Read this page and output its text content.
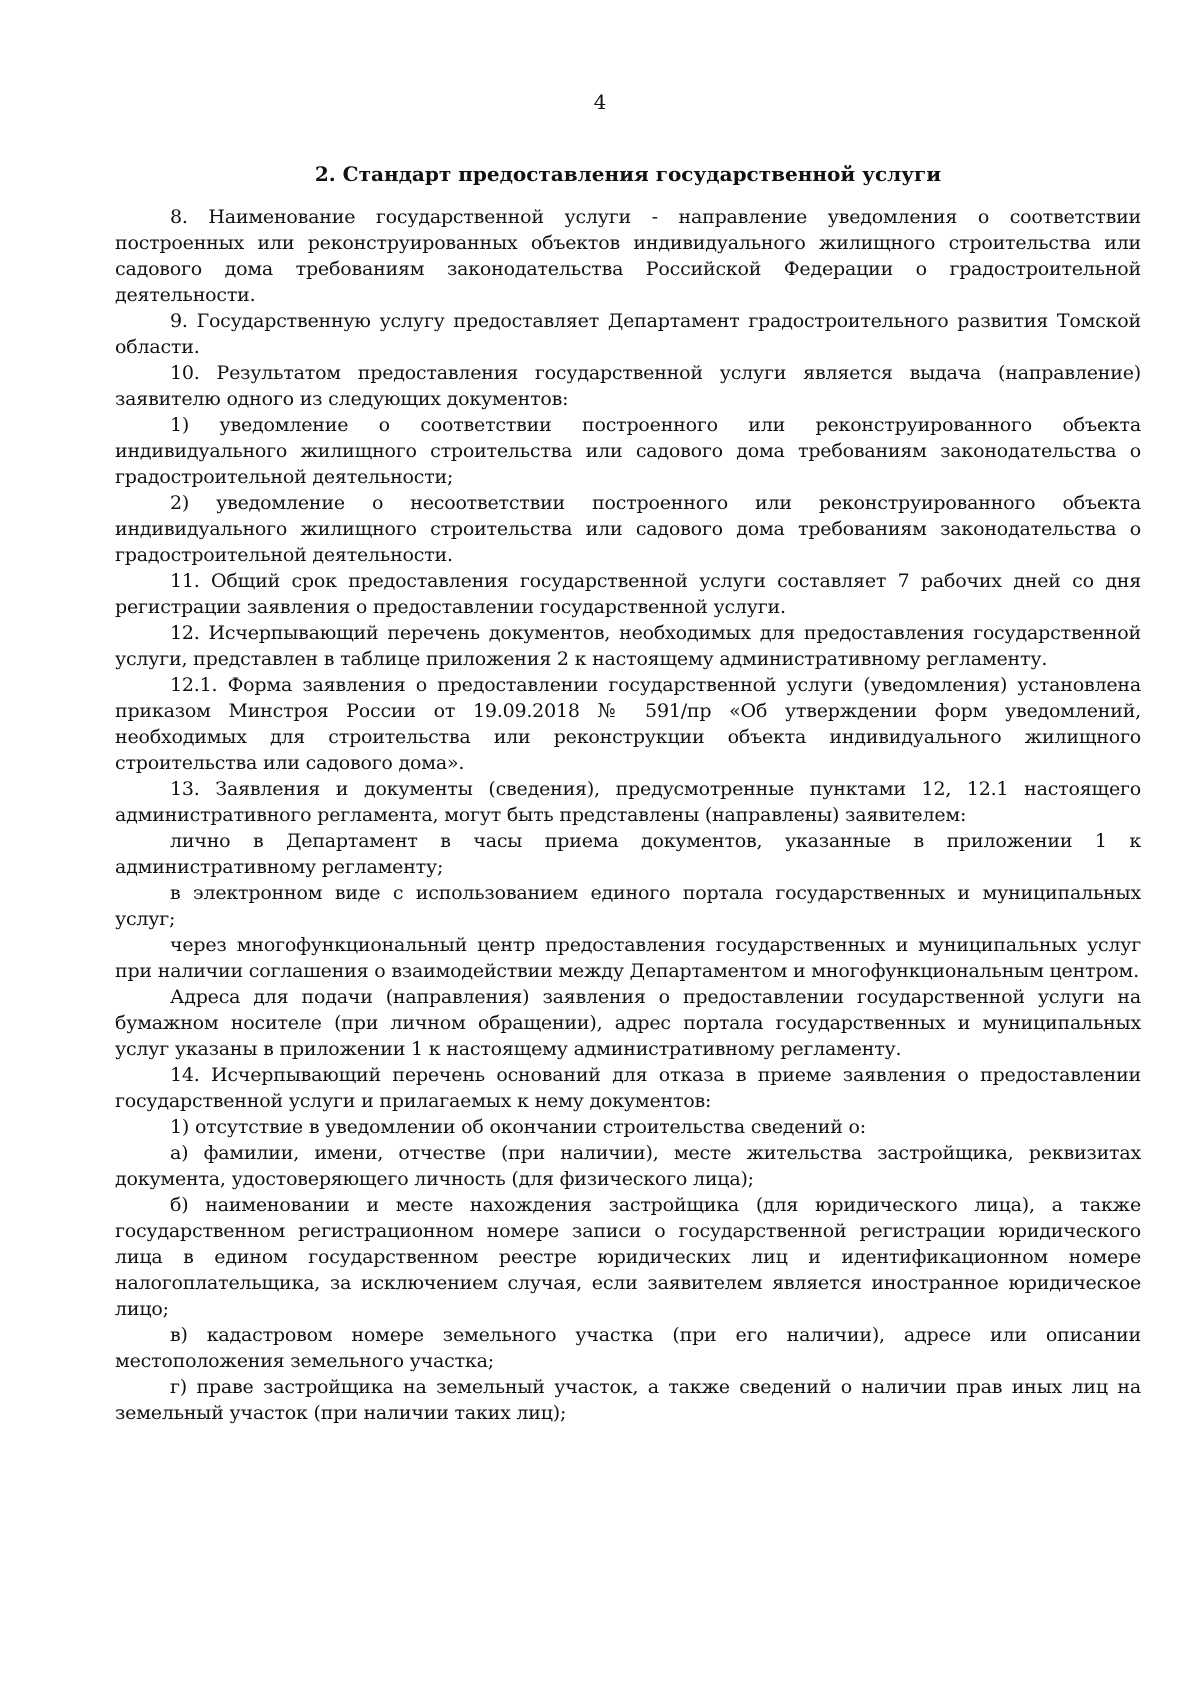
4
2. Стандарт предоставления государственной услуги

8. Наименование государственной услуги - направление уведомления о соответствии построенных или реконструированных объектов индивидуального жилищного строительства или садового дома требованиям законодательства Российской Федерации о градостроительной деятельности.

9. Государственную услугу предоставляет Департамент градостроительного развития Томской области.

10. Результатом предоставления государственной услуги является выдача (направление) заявителю одного из следующих документов:

1) уведомление о соответствии построенного или реконструированного объекта индивидуального жилищного строительства или садового дома требованиям законодательства о градостроительной деятельности;

2) уведомление о несоответствии построенного или реконструированного объекта индивидуального жилищного строительства или садового дома требованиям законодательства о градостроительной деятельности.

11. Общий срок предоставления государственной услуги составляет 7 рабочих дней со дня регистрации заявления о предоставлении государственной услуги.

12. Исчерпывающий перечень документов, необходимых для предоставления государственной услуги, представлен в таблице приложения 2 к настоящему административному регламенту.

12.1. Форма заявления о предоставлении государственной услуги (уведомления) установлена приказом Минстроя России от 19.09.2018 № 591/пр «Об утверждении форм уведомлений, необходимых для строительства или реконструкции объекта индивидуального жилищного строительства или садового дома».

13. Заявления и документы (сведения), предусмотренные пунктами 12, 12.1 настоящего административного регламента, могут быть представлены (направлены) заявителем:

лично в Департамент в часы приема документов, указанные в приложении 1 к административному регламенту;

в электронном виде с использованием единого портала государственных и муниципальных услуг;

через многофункциональный центр предоставления государственных и муниципальных услуг при наличии соглашения о взаимодействии между Департаментом и многофункциональным центром.

Адреса для подачи (направления) заявления о предоставлении государственной услуги на бумажном носителе (при личном обращении), адрес портала государственных и муниципальных услуг указаны в приложении 1 к настоящему административному регламенту.

14. Исчерпывающий перечень оснований для отказа в приеме заявления о предоставлении государственной услуги и прилагаемых к нему документов:

1) отсутствие в уведомлении об окончании строительства сведений о:

а) фамилии, имени, отчестве (при наличии), месте жительства застройщика, реквизитах документа, удостоверяющего личность (для физического лица);

б) наименовании и месте нахождения застройщика (для юридического лица), а также государственном регистрационном номере записи о государственной регистрации юридического лица в едином государственном реестре юридических лиц и идентификационном номере налогоплательщика, за исключением случая, если заявителем является иностранное юридическое лицо;

в) кадастровом номере земельного участка (при его наличии), адресе или описании местоположения земельного участка;

г) праве застройщика на земельный участок, а также сведений о наличии прав иных лиц на земельный участок (при наличии таких лиц);
